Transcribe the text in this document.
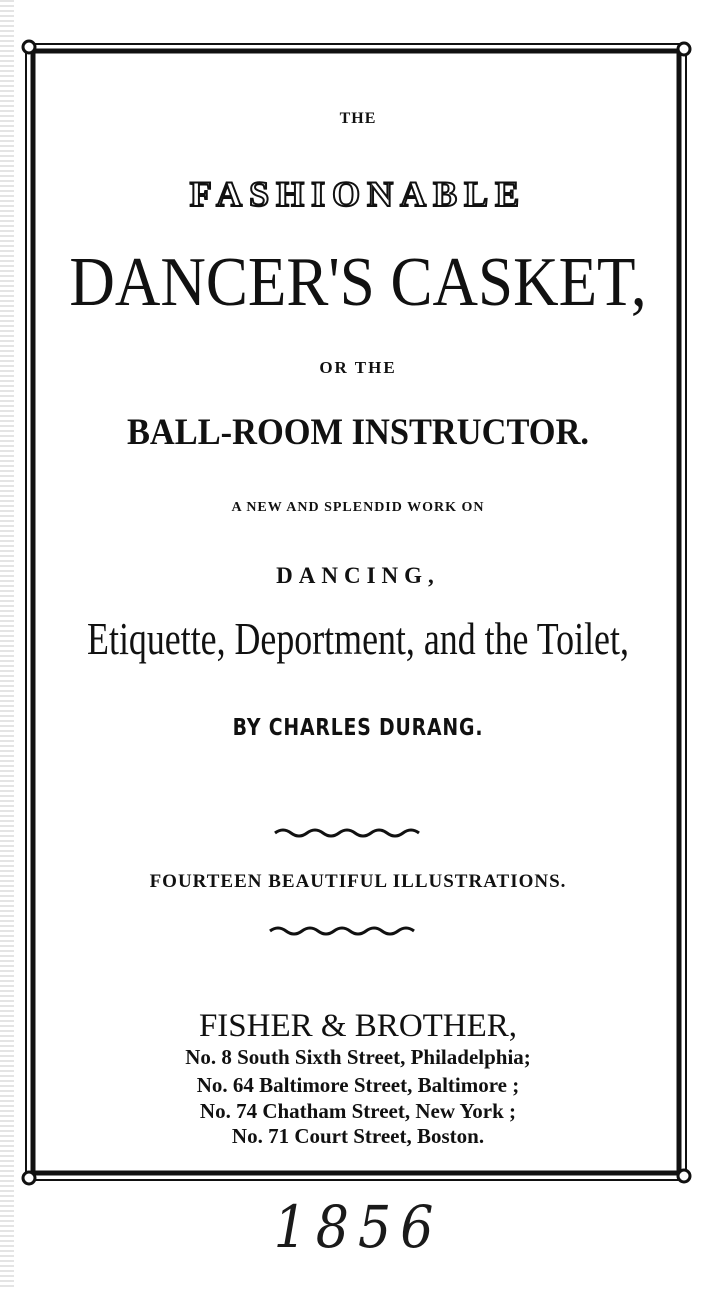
THE
FASHIONABLE
DANCER'S CASKET,
OR THE
BALL-ROOM INSTRUCTOR.
A NEW AND SPLENDID WORK ON
DANCING,
Etiquette, Deportment, and the Toilet,
BY CHARLES DURANG.
FOURTEEN BEAUTIFUL ILLUSTRATIONS.
FISHER & BROTHER,
No. 8 South Sixth Street, Philadelphia;
No. 64 Baltimore Street, Baltimore ;
No. 74 Chatham Street, New York ;
No. 71 Court Street, Boston.
1856
